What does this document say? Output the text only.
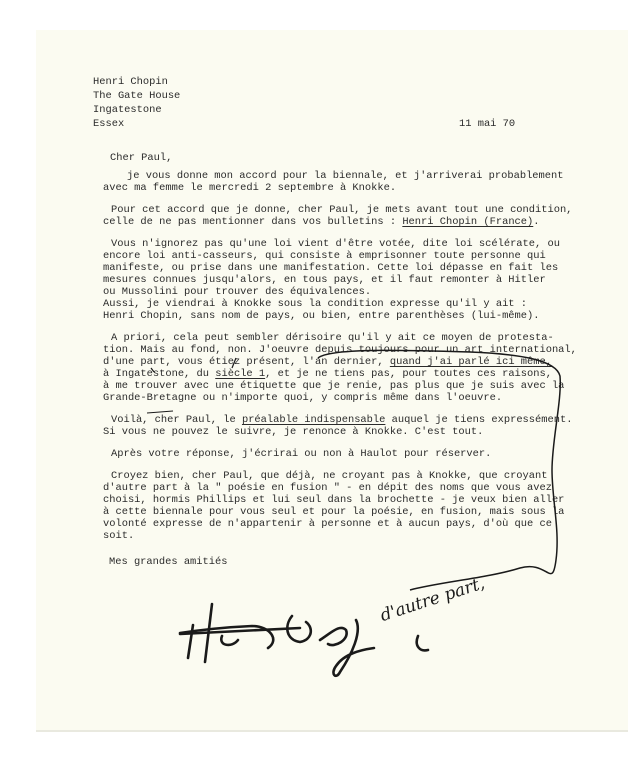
Henri Chopin
The Gate House
Ingatestone
Essex	11 mai 70
Cher Paul,
je vous donne mon accord pour la biennale, et j'arriverai probablement
avec ma femme le mercredi 2 septembre à Knokke.
Pour cet accord que je donne, cher Paul, je mets avant tout une condition,
celle de ne pas mentionner dans vos bulletins : Henri Chopin (France).
Vous n'ignorez pas qu'une loi vient d'être votée, dite loi scélérate, ou
encore loi anti-casseurs, qui consiste à emprisonner toute personne qui
manifeste, ou prise dans une manifestation. Cette loi dépasse en fait les
mesures connues jusqu'alors, en tous pays, et il faut remonter à Hitler
ou Mussolini pour trouver des équivalences.
Aussi, je viendrai à Knokke sous la condition expresse qu'il y ait :
Henri Chopin, sans nom de pays, ou bien, entre parenthèses (lui-même).
A priori, cela peut sembler dérisoire qu'il y ait ce moyen de protesta-
tion. Mais au fond, non. J'oeuvre depuis toujours pour un art international,
d'une part, vous étiez présent, l'an dernier, quand j'ai parlé ici même,
à Ingatestone, du siècle 1, et je ne tiens pas, pour toutes ces raisons,
à me trouver avec une étiquette que je renie, pas plus que je suis avec la
Grande-Bretagne ou n'importe quoi, y compris même dans l'oeuvre.
Voilà, cher Paul, le préalable indispensable auquel je tiens expressément.
Si vous ne pouvez le suivre, je renonce à Knokke. C'est tout.
Après votre réponse, j'écrirai ou non à Haulot pour réserver.
Croyez bien, cher Paul, que déjà, ne croyant pas à Knokke, que croyant
d'autre part à la " poésie en fusion " - en dépit des noms que vous avez
choisi, hormis Phillips et lui seul dans la brochette - je veux bien aller
à cette biennale pour vous seul et pour la poésie, en fusion, mais sous la
volonté expresse de n'appartenir à personne et à aucun pays, d'où que ce
soit.
Mes grandes amitiés
d'autre part,
